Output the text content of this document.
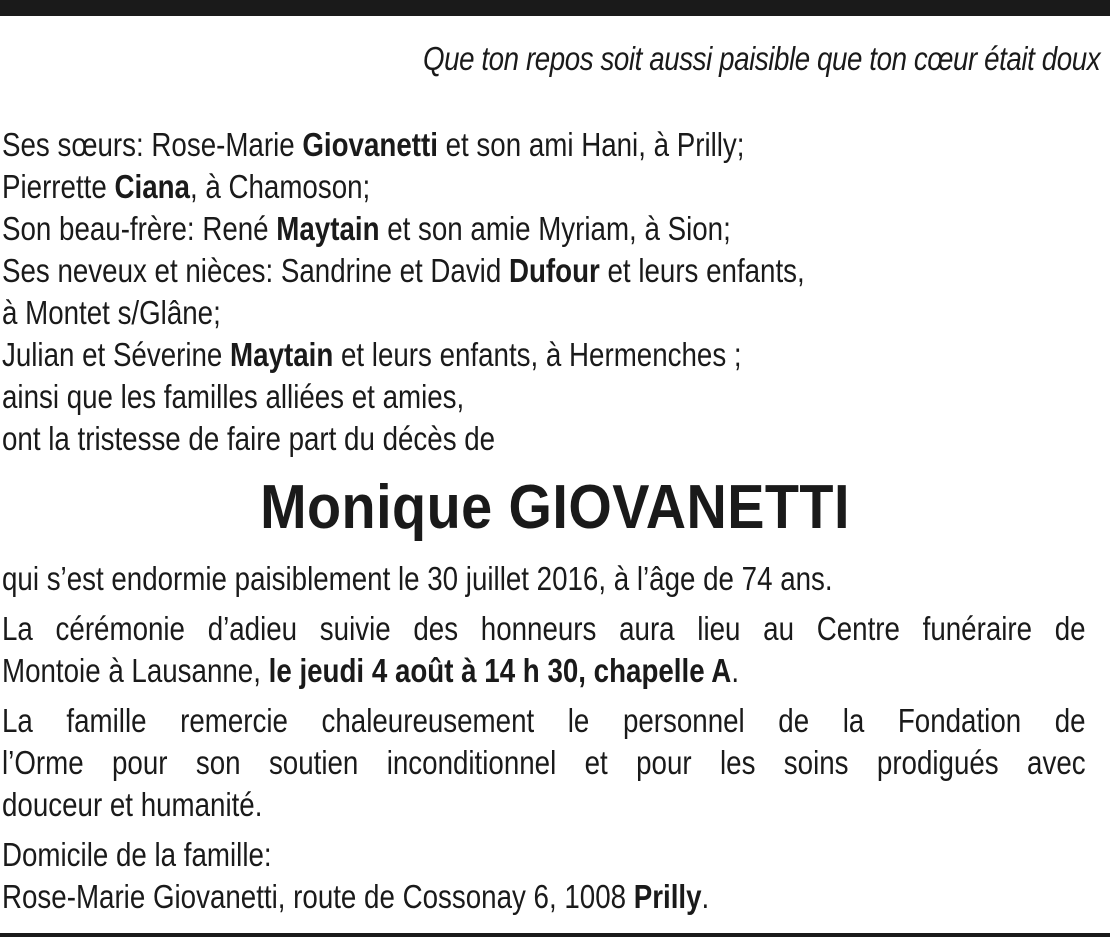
Que ton repos soit aussi paisible que ton cœur était doux
Ses sœurs: Rose-Marie Giovanetti et son ami Hani, à Prilly;
Pierrette Ciana, à Chamoson;
Son beau-frère: René Maytain et son amie Myriam, à Sion;
Ses neveux et nièces: Sandrine et David Dufour et leurs enfants,
à Montet s/Glâne;
Julian et Séverine Maytain et leurs enfants, à Hermenches ;
ainsi que les familles alliées et amies,
ont la tristesse de faire part du décès de
Monique GIOVANETTI

qui s’est endormie paisiblement le 30 juillet 2016, à l’âge de 74 ans.

La cérémonie d’adieu suivie des honneurs aura lieu au Centre funéraire de
Montoie à Lausanne, le jeudi 4 août à 14 h 30, chapelle A.

La famille remercie chaleureusement le personnel de la Fondation de
l’Orme pour son soutien inconditionnel et pour les soins prodigués avec
douceur et humanité.

Domicile de la famille:
Rose-Marie Giovanetti, route de Cossonay 6, 1008 Prilly.
